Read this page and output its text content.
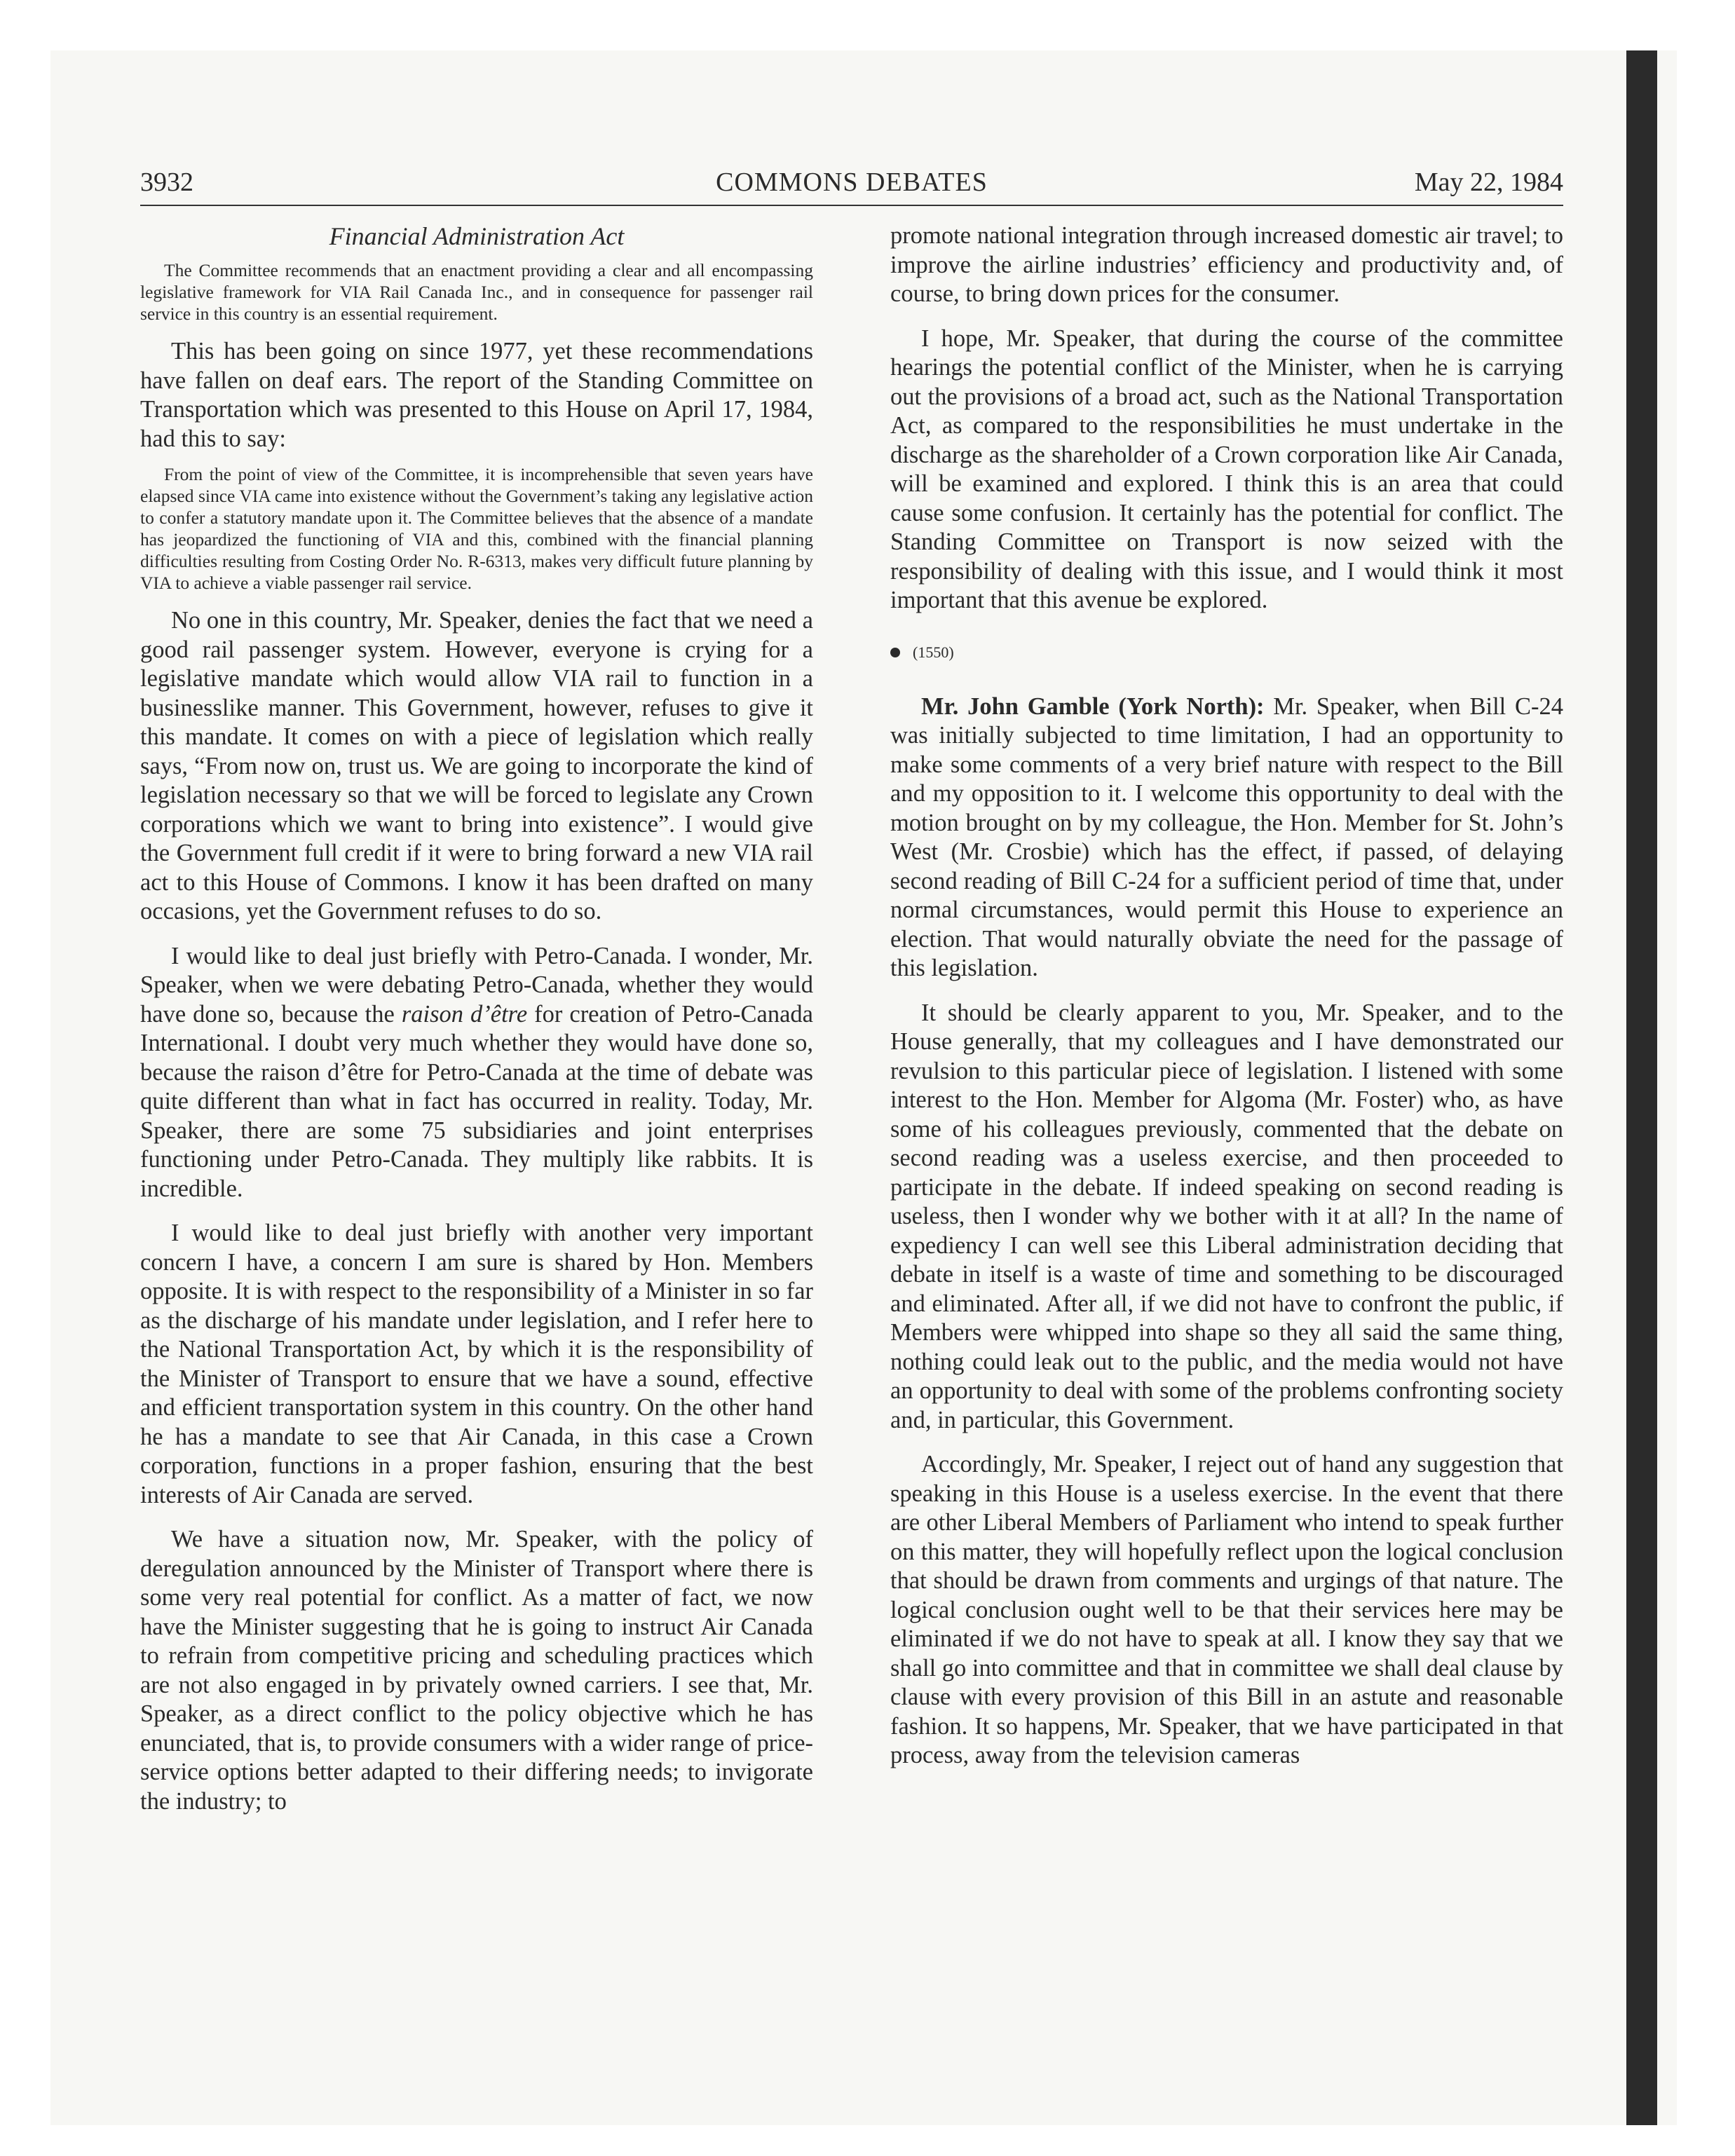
3932	COMMONS DEBATES	May 22, 1984

Financial Administration Act

The Committee recommends that an enactment providing a clear and all encompassing legislative framework for VIA Rail Canada Inc., and in consequence for passenger rail service in this country is an essential requirement.

This has been going on since 1977, yet these recommendations have fallen on deaf ears. The report of the Standing Committee on Transportation which was presented to this House on April 17, 1984, had this to say:

From the point of view of the Committee, it is incomprehensible that seven years have elapsed since VIA came into existence without the Government’s taking any legislative action to confer a statutory mandate upon it. The Committee believes that the absence of a mandate has jeopardized the functioning of VIA and this, combined with the financial planning difficulties resulting from Costing Order No. R-6313, makes very difficult future planning by VIA to achieve a viable passenger rail service.

No one in this country, Mr. Speaker, denies the fact that we need a good rail passenger system. However, everyone is crying for a legislative mandate which would allow VIA rail to function in a businesslike manner. This Government, however, refuses to give it this mandate. It comes on with a piece of legislation which really says, “From now on, trust us. We are going to incorporate the kind of legislation necessary so that we will be forced to legislate any Crown corporations which we want to bring into existence”. I would give the Government full credit if it were to bring forward a new VIA rail act to this House of Commons. I know it has been drafted on many occasions, yet the Government refuses to do so.

I would like to deal just briefly with Petro-Canada. I wonder, Mr. Speaker, when we were debating Petro-Canada, whether they would have done so, because the raison d’être for creation of Petro-Canada International. I doubt very much whether they would have done so, because the raison d’être for Petro-Canada at the time of debate was quite different than what in fact has occurred in reality. Today, Mr. Speaker, there are some 75 subsidiaries and joint enterprises functioning under Petro-Canada. They multiply like rabbits. It is incredible.

I would like to deal just briefly with another very important concern I have, a concern I am sure is shared by Hon. Members opposite. It is with respect to the responsibility of a Minister in so far as the discharge of his mandate under legislation, and I refer here to the National Transportation Act, by which it is the responsibility of the Minister of Transport to ensure that we have a sound, effective and efficient transportation system in this country. On the other hand he has a mandate to see that Air Canada, in this case a Crown corporation, functions in a proper fashion, ensuring that the best interests of Air Canada are served.

We have a situation now, Mr. Speaker, with the policy of deregulation announced by the Minister of Transport where there is some very real potential for conflict. As a matter of fact, we now have the Minister suggesting that he is going to instruct Air Canada to refrain from competitive pricing and scheduling practices which are not also engaged in by privately owned carriers. I see that, Mr. Speaker, as a direct conflict to the policy objective which he has enunciated, that is, to provide consumers with a wider range of price-service options better adapted to their differing needs; to invigorate the industry; to

promote national integration through increased domestic air travel; to improve the airline industries’ efficiency and productivity and, of course, to bring down prices for the consumer.

I hope, Mr. Speaker, that during the course of the committee hearings the potential conflict of the Minister, when he is carrying out the provisions of a broad act, such as the National Transportation Act, as compared to the responsibilities he must undertake in the discharge as the shareholder of a Crown corporation like Air Canada, will be examined and explored. I think this is an area that could cause some confusion. It certainly has the potential for conflict. The Standing Committee on Transport is now seized with the responsibility of dealing with this issue, and I would think it most important that this avenue be explored.

(1550)

Mr. John Gamble (York North): Mr. Speaker, when Bill C-24 was initially subjected to time limitation, I had an opportunity to make some comments of a very brief nature with respect to the Bill and my opposition to it. I welcome this opportunity to deal with the motion brought on by my colleague, the Hon. Member for St. John’s West (Mr. Crosbie) which has the effect, if passed, of delaying second reading of Bill C-24 for a sufficient period of time that, under normal circumstances, would permit this House to experience an election. That would naturally obviate the need for the passage of this legislation.

It should be clearly apparent to you, Mr. Speaker, and to the House generally, that my colleagues and I have demonstrated our revulsion to this particular piece of legislation. I listened with some interest to the Hon. Member for Algoma (Mr. Foster) who, as have some of his colleagues previously, commented that the debate on second reading was a useless exercise, and then proceeded to participate in the debate. If indeed speaking on second reading is useless, then I wonder why we bother with it at all? In the name of expediency I can well see this Liberal administration deciding that debate in itself is a waste of time and something to be discouraged and eliminated. After all, if we did not have to confront the public, if Members were whipped into shape so they all said the same thing, nothing could leak out to the public, and the media would not have an opportunity to deal with some of the problems confronting society and, in particular, this Government.

Accordingly, Mr. Speaker, I reject out of hand any suggestion that speaking in this House is a useless exercise. In the event that there are other Liberal Members of Parliament who intend to speak further on this matter, they will hopefully reflect upon the logical conclusion that should be drawn from comments and urgings of that nature. The logical conclusion ought well to be that their services here may be eliminated if we do not have to speak at all. I know they say that we shall go into committee and that in committee we shall deal clause by clause with every provision of this Bill in an astute and reasonable fashion. It so happens, Mr. Speaker, that we have participated in that process, away from the television cameras
